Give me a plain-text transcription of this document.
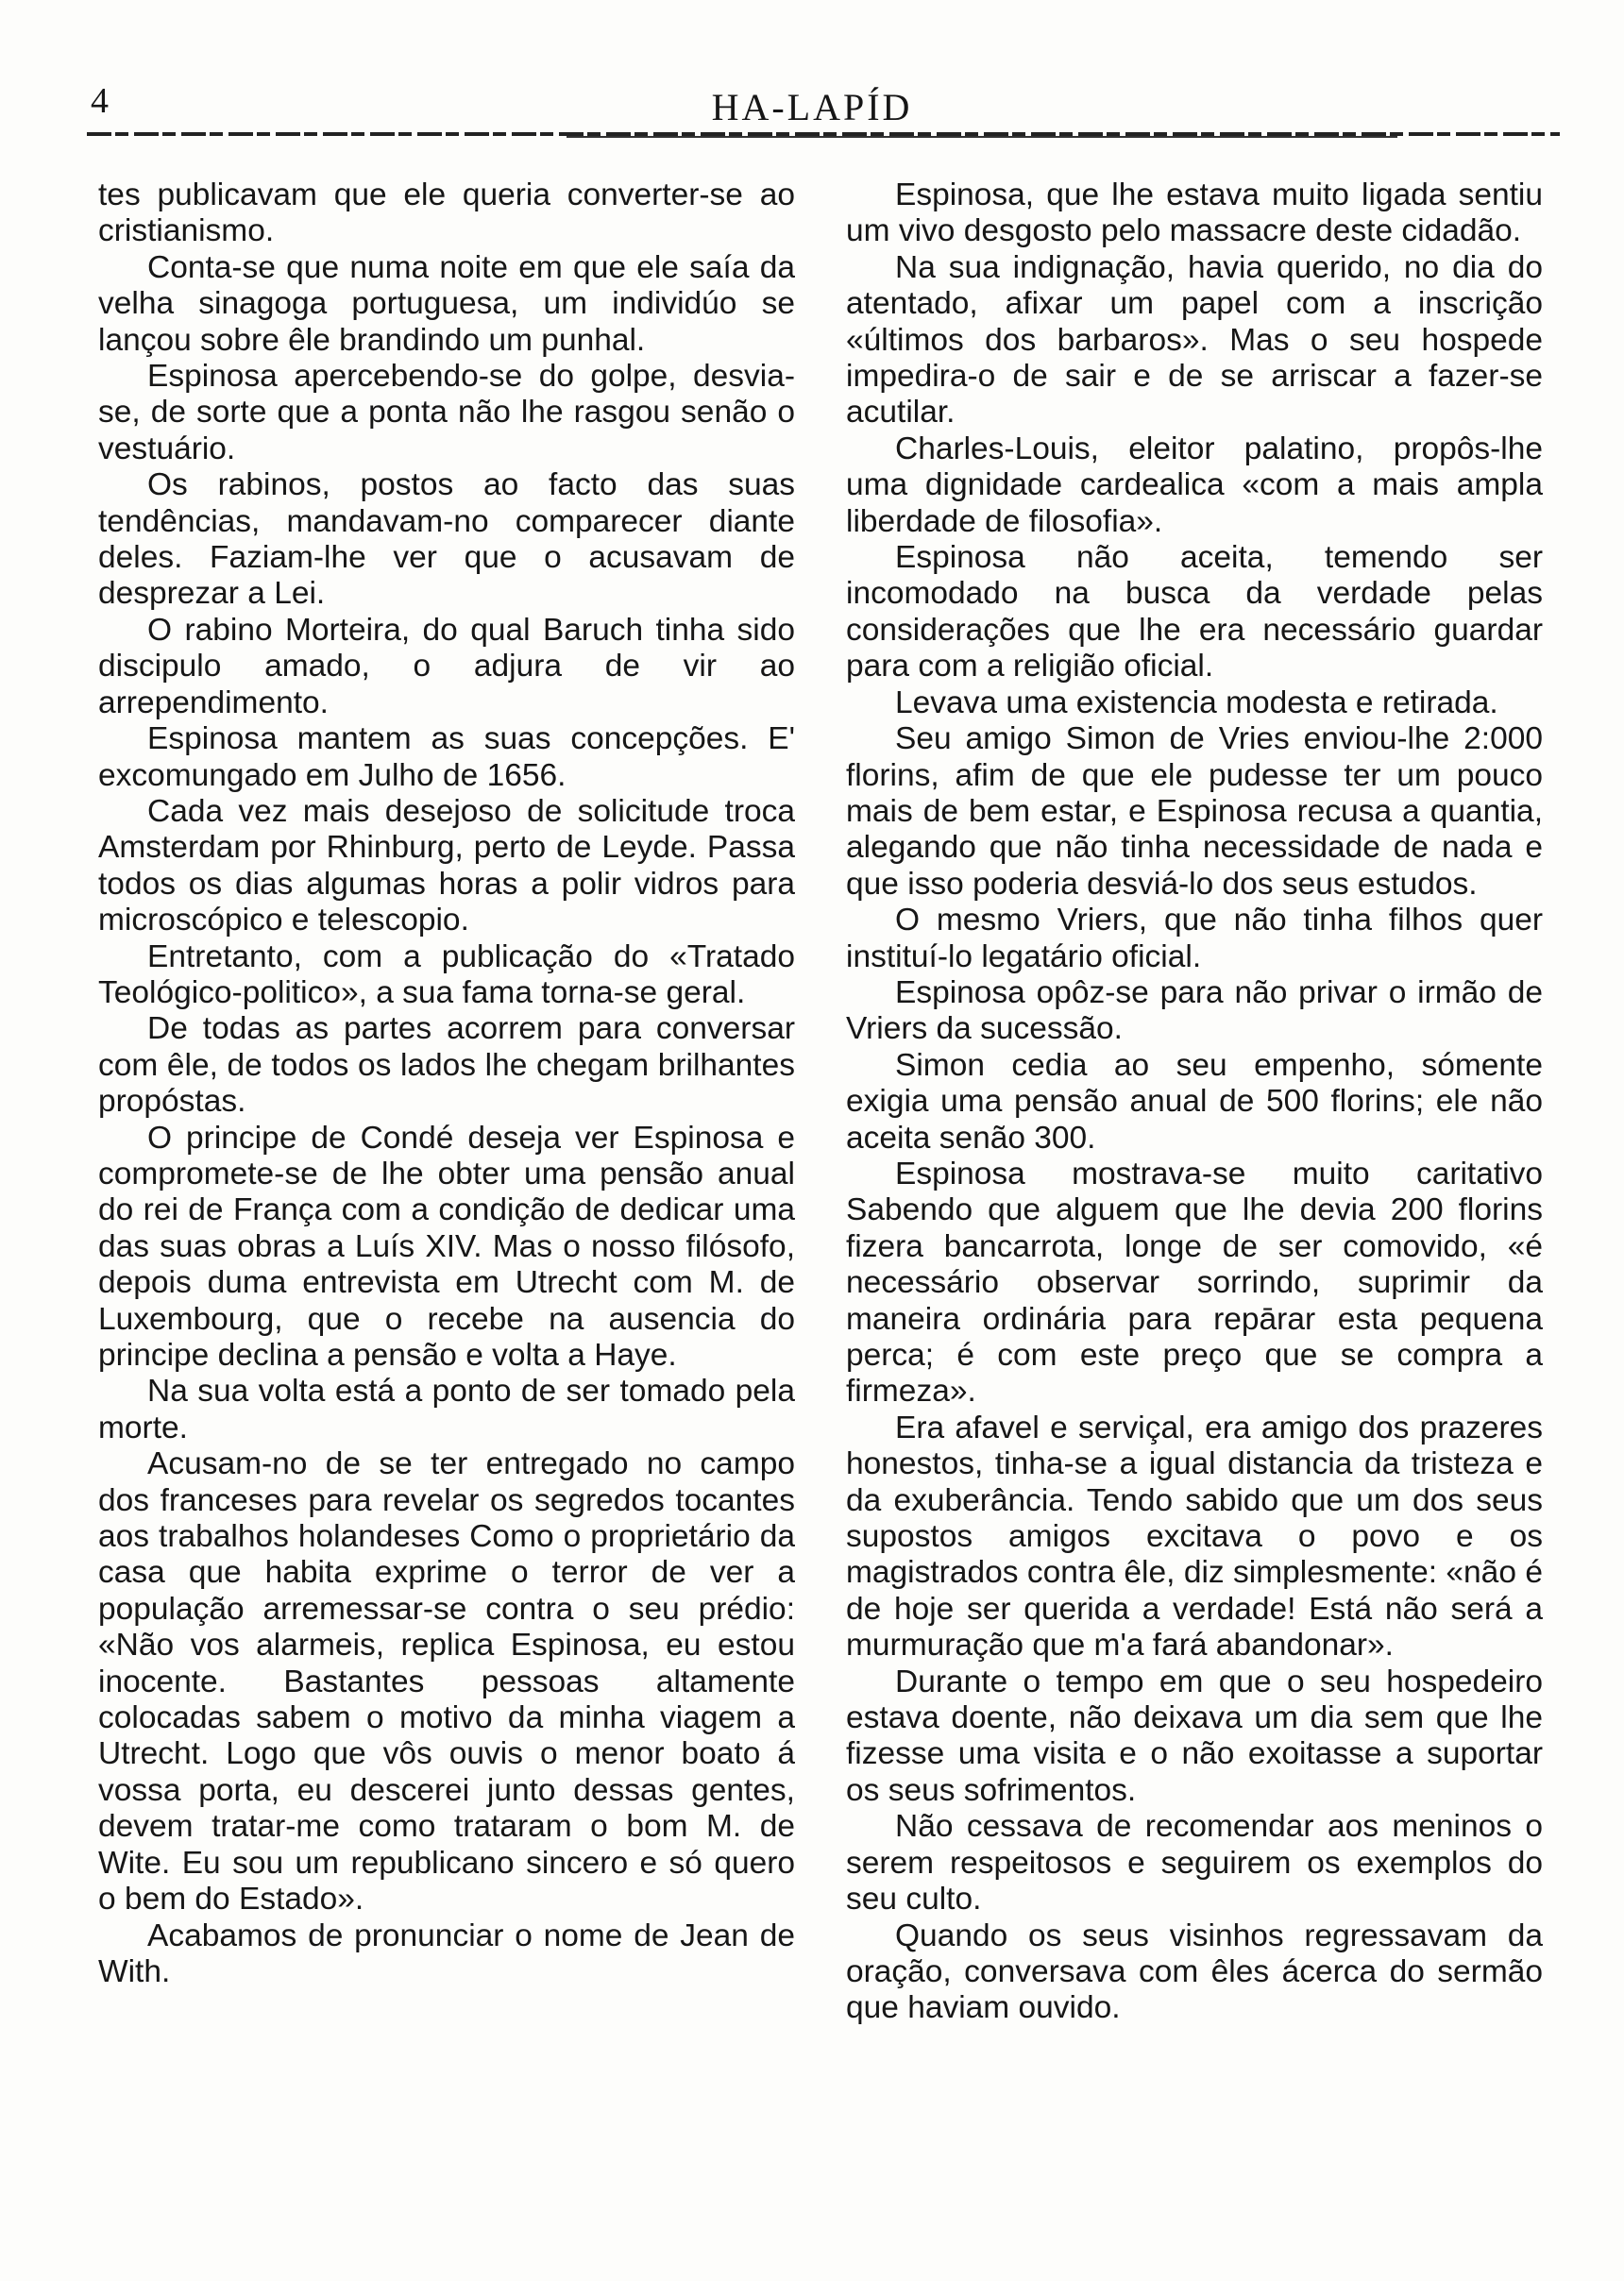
4	HA-LAPÍD

tes publicavam que ele queria converter-se ao cristianismo.

Conta-se que numa noite em que ele saía da velha sinagoga portuguesa, um individúo se lançou sobre êle brandindo um punhal.

Espinosa apercebendo-se do golpe, desvia-se, de sorte que a ponta não lhe rasgou senão o vestuário.

Os rabinos, postos ao facto das suas tendências, mandavam-no comparecer diante deles. Faziam-lhe ver que o acusavam de desprezar a Lei.

O rabino Morteira, do qual Baruch tinha sido discipulo amado, o adjura de vir ao arrependimento.

Espinosa mantem as suas concepções. E' excomungado em Julho de 1656.

Cada vez mais desejoso de solicitude troca Amsterdam por Rhinburg, perto de Leyde. Passa todos os dias algumas horas a polir vidros para microscópico e telescopio.

Entretanto, com a publicação do «Tratado Teológico-politico», a sua fama torna-se geral.

De todas as partes acorrem para conversar com êle, de todos os lados lhe chegam brilhantes propóstas.

O principe de Condé deseja ver Espinosa e compromete-se de lhe obter uma pensão anual do rei de França com a condição de dedicar uma das suas obras a Luís XIV. Mas o nosso filósofo, depois duma entrevista em Utrecht com M. de Luxembourg, que o recebe na ausencia do principe declina a pensão e volta a Haye.

Na sua volta está a ponto de ser tomado pela morte.

Acusam-no de se ter entregado no campo dos franceses para revelar os segredos tocantes aos trabalhos holandeses Como o proprietário da casa que habita exprime o terror de ver a população arremessar-se contra o seu prédio: «Não vos alarmeis, replica Espinosa, eu estou inocente. Bastantes pessoas altamente colocadas sabem o motivo da minha viagem a Utrecht. Logo que vôs ouvis o menor boato á vossa porta, eu descerei junto dessas gentes, devem tratar-me como trataram o bom M. de Wite. Eu sou um republicano sincero e só quero o bem do Estado».

Acabamos de pronunciar o nome de Jean de With.

Espinosa, que lhe estava muito ligada sentiu um vivo desgosto pelo massacre deste cidadão.

Na sua indignação, havia querido, no dia do atentado, afixar um papel com a inscrição «últimos dos barbaros». Mas o seu hospede impedira-o de sair e de se arriscar a fazer-se acutilar.

Charles-Louis, eleitor palatino, propôs-lhe uma dignidade cardealica «com a mais ampla liberdade de filosofia».

Espinosa não aceita, temendo ser incomodado na busca da verdade pelas considerações que lhe era necessário guardar para com a religião oficial.

Levava uma existencia modesta e retirada.

Seu amigo Simon de Vries enviou-lhe 2:000 florins, afim de que ele pudesse ter um pouco mais de bem estar, e Espinosa recusa a quantia, alegando que não tinha necessidade de nada e que isso poderia desviá-lo dos seus estudos.

O mesmo Vriers, que não tinha filhos quer instituí-lo legatário oficial.

Espinosa opôz-se para não privar o irmão de Vriers da sucessão.

Simon cedia ao seu empenho, sómente exigia uma pensão anual de 500 florins; ele não aceita senão 300.

Espinosa mostrava-se muito caritativo Sabendo que alguem que lhe devia 200 florins fizera bancarrota, longe de ser comovido, «é necessário observar sorrindo, suprimir da maneira ordinária para repārar esta pequena perca; é com este preço que se compra a firmeza».

Era afavel e serviçal, era amigo dos prazeres honestos, tinha-se a igual distancia da tristeza e da exuberância. Tendo sabido que um dos seus supostos amigos excitava o povo e os magistrados contra êle, diz simplesmente: «não é de hoje ser querida a verdade! Está não será a murmuração que m'a fará abandonar».

Durante o tempo em que o seu hospedeiro estava doente, não deixava um dia sem que lhe fizesse uma visita e o não exoitasse a suportar os seus sofrimentos.

Não cessava de recomendar aos meninos o serem respeitosos e seguirem os exemplos do seu culto.

Quando os seus visinhos regressavam da oração, conversava com êles ácerca do sermão que haviam ouvido.
